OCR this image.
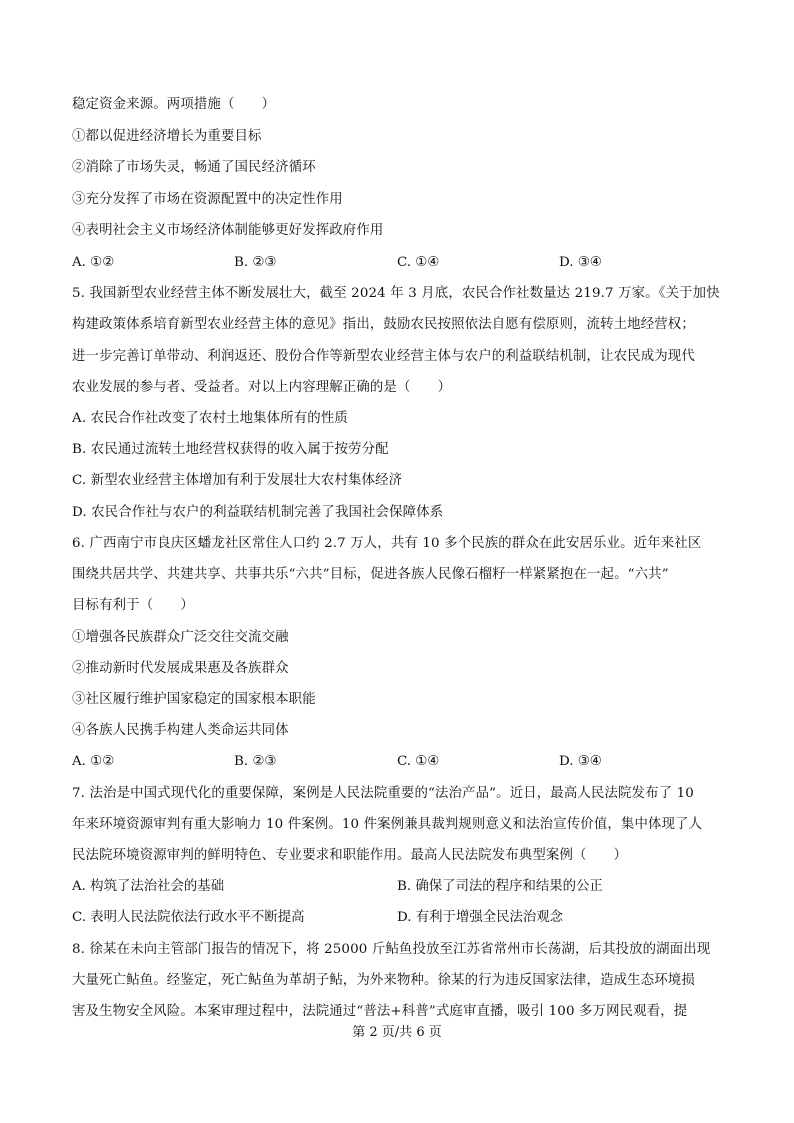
稳定资金来源。两项措施（　　）
①都以促进经济增长为重要目标
②消除了市场失灵，畅通了国民经济循环
③充分发挥了市场在资源配置中的决定性作用
④表明社会主义市场经济体制能够更好发挥政府作用
A. ①②	B. ②③	C. ①④	D. ③④
5. 我国新型农业经营主体不断发展壮大，截至 2024 年 3 月底，农民合作社数量达 219.7 万家。《关于加快
构建政策体系培育新型农业经营主体的意见》指出，鼓励农民按照依法自愿有偿原则，流转土地经营权；
进一步完善订单带动、利润返还、股份合作等新型农业经营主体与农户的利益联结机制，让农民成为现代
农业发展的参与者、受益者。对以上内容理解正确的是（　　）
A. 农民合作社改变了农村土地集体所有的性质
B. 农民通过流转土地经营权获得的收入属于按劳分配
C. 新型农业经营主体增加有利于发展壮大农村集体经济
D. 农民合作社与农户的利益联结机制完善了我国社会保障体系
6. 广西南宁市良庆区蟠龙社区常住人口约 2.7 万人，共有 10 多个民族的群众在此安居乐业。近年来社区
围绕共居共学、共建共享、共事共乐“六共”目标，促进各族人民像石榴籽一样紧紧抱在一起。“六共”
目标有利于（　　）
①增强各民族群众广泛交往交流交融
②推动新时代发展成果惠及各族群众
③社区履行维护国家稳定的国家根本职能
④各族人民携手构建人类命运共同体
A. ①②	B. ②③	C. ①④	D. ③④
7. 法治是中国式现代化的重要保障，案例是人民法院重要的“法治产品”。近日，最高人民法院发布了 10
年来环境资源审判有重大影响力 10 件案例。10 件案例兼具裁判规则意义和法治宣传价值，集中体现了人
民法院环境资源审判的鲜明特色、专业要求和职能作用。最高人民法院发布典型案例（　　）
A. 构筑了法治社会的基础	B. 确保了司法的程序和结果的公正
C. 表明人民法院依法行政水平不断提高	D. 有利于增强全民法治观念
8. 徐某在未向主管部门报告的情况下，将 25000 斤鲇鱼投放至江苏省常州市长荡湖，后其投放的湖面出现
大量死亡鲇鱼。经鉴定，死亡鲇鱼为革胡子鲇，为外来物种。徐某的行为违反国家法律，造成生态环境损
害及生物安全风险。本案审理过程中，法院通过“普法+科普”式庭审直播，吸引 100 多万网民观看，提
第 2 页/共 6 页
